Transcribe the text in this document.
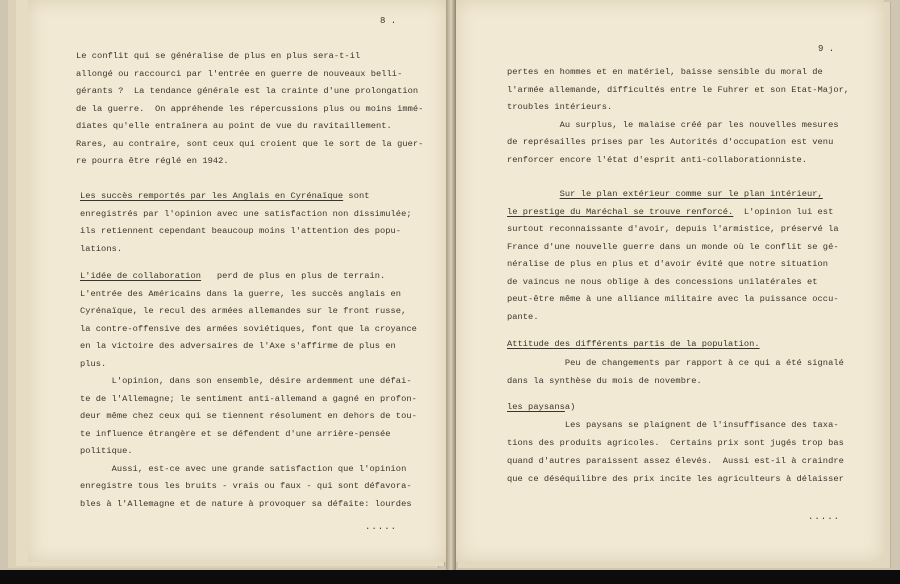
8 .
Le conflit qui se généralise de plus en plus sera-t-il
allongé ou raccourci par l'entrée en guerre de nouveaux belli-
gérants ?  La tendance générale est la crainte d'une prolongation
de la guerre.  On appréhende les répercussions plus ou moins immé-
diates qu'elle entraînera au point de vue du ravitaillement.
Rares, au contraire, sont ceux qui croient que le sort de la guer-
re pourra être réglé en 1942.
Les succès remportés par les Anglais en Cyrénaïque sont
enregistrés par l'opinion avec une satisfaction non dissimulée;
ils retiennent cependant beaucoup moins l'attention des popu-
lations.
L'idée de collaboration   perd de plus en plus de terrain.
L'entrée des Américains dans la guerre, les succès anglais en
Cyrénaïque, le recul des armées allemandes sur le front russe,
la contre-offensive des armées soviétiques, font que la croyance
en la victoire des adversaires de l'Axe s'affirme de plus en
plus.
L'opinion, dans son ensemble, désire ardemment une défai-
te de l'Allemagne; le sentiment anti-allemand a gagné en profon-
deur même chez ceux qui se tiennent résolument en dehors de tou-
te influence étrangère et se défendent d'une arrière-pensée
politique.
Aussi, est-ce avec une grande satisfaction que l'opinion
enregistre tous les bruits - vrais ou faux - qui sont défavora-
bles à l'Allemagne et de nature à provoquer sa défaite: lourdes
.....
9 .
pertes en hommes et en matériel, baisse sensible du moral de
l'armée allemande, difficultés entre le Fuhrer et son Etat-Major,
troubles intérieurs.
Au surplus, le malaise créé par les nouvelles mesures
de représailles prises par les Autorités d'occupation est venu
renforcer encore l'état d'esprit anti-collaborationniste.
Sur le plan extérieur comme sur le plan intérieur,
le prestige du Maréchal se trouve renforcé.  L'opinion lui est
surtout reconnaissante d'avoir, depuis l'armistice, préservé la
France d'une nouvelle guerre dans un monde où le conflit se gé-
néralise de plus en plus et d'avoir évité que notre situation
de vaincus ne nous oblige à des concessions unilatérales et
peut-être même à une alliance militaire avec la puissance occu-
pante.
Attitude des différents partis de la population.
Peu de changements par rapport à ce qui a été signalé
dans la synthèse du mois de novembre.
les paysansa)
Les paysans se plaignent de l'insuffisance des taxa-
tions des produits agricoles.  Certains prix sont jugés trop bas
quand d'autres paraissent assez élevés.  Aussi est-il à craindre
que ce déséquilibre des prix incite les agriculteurs à délaisser
.....
